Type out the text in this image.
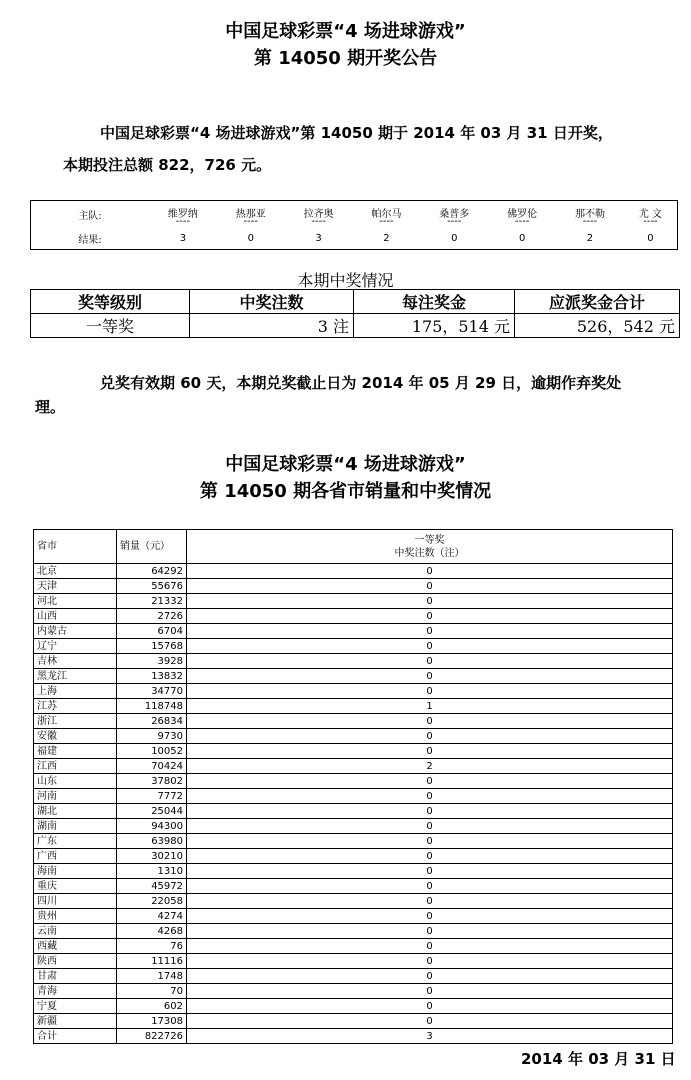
中国足球彩票“4 场进球游戏”
第 14050 期开奖公告
中国足球彩票“4 场进球游戏”第 14050 期于 2014 年 03 月 31 日开奖，
本期投注总额 822，726 元。
主队:	维罗纳	热那亚	拉齐奥	帕尔马	桑普多	佛罗伦	那不勒	尤 文

结果:	3	0	3	2	0	0	2	0
本期中奖情况
奖等级别	中奖注数	每注奖金	应派奖金合计
一等奖	3 注	175，514 元	526，542 元
兑奖有效期 60 天，本期兑奖截止日为 2014 年 05 月 29 日，逾期作弃奖处
理。
中国足球彩票“4 场进球游戏”
第 14050 期各省市销量和中奖情况
省市	销量（元）	一等奖
中奖注数（注）

北京	64292	0
天津	55676	0
河北	21332	0
山西	2726	0
内蒙古	6704	0
辽宁	15768	0
吉林	3928	0
黑龙江	13832	0
上海	34770	0
江苏	118748	1
浙江	26834	0
安徽	9730	0
福建	10052	0
江西	70424	2
山东	37802	0
河南	7772	0
湖北	25044	0
湖南	94300	0
广东	63980	0
广西	30210	0
海南	1310	0
重庆	45972	0
四川	22058	0
贵州	4274	0
云南	4268	0
西藏	76	0
陕西	11116	0
甘肃	1748	0
青海	70	0
宁夏	602	0
新疆	17308	0
合计	822726	3
2014 年 03 月 31 日
